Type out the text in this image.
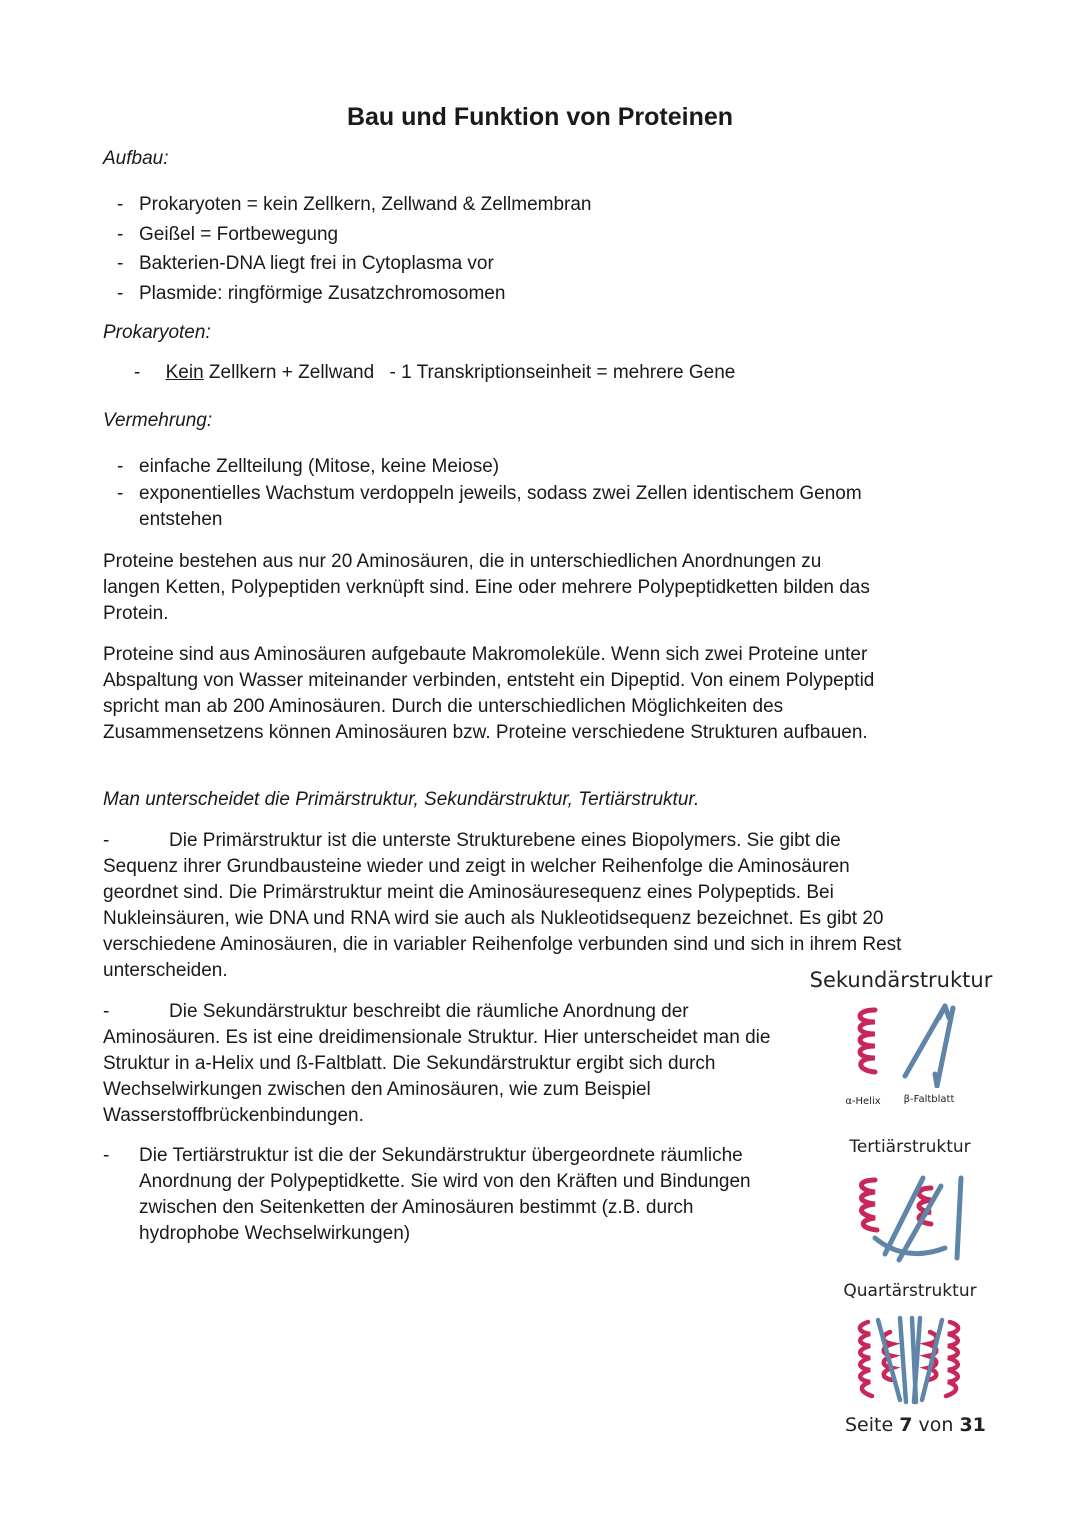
Bau und Funktion von Proteinen
Aufbau:
- Prokaryoten = kein Zellkern, Zellwand & Zellmembran
- Geißel = Fortbewegung
- Bakterien-DNA liegt frei in Cytoplasma vor
- Plasmide: ringförmige Zusatzchromosomen
Prokaryoten:
- Kein Zellkern + Zellwand - 1 Transkriptionseinheit = mehrere Gene
Vermehrung:
- einfache Zellteilung (Mitose, keine Meiose)
- exponentielles Wachstum verdoppeln jeweils, sodass zwei Zellen identischem Genom entstehen
Proteine bestehen aus nur 20 Aminosäuren, die in unterschiedlichen Anordnungen zu langen Ketten, Polypeptiden verknüpft sind. Eine oder mehrere Polypeptidketten bilden das Protein.
Proteine sind aus Aminosäuren aufgebaute Makromoleküle. Wenn sich zwei Proteine unter Abspaltung von Wasser miteinander verbinden, entsteht ein Dipeptid. Von einem Polypeptid spricht man ab 200 Aminosäuren. Durch die unterschiedlichen Möglichkeiten des Zusammensetzens können Aminosäuren bzw. Proteine verschiedene Strukturen aufbauen.
Man unterscheidet die Primärstruktur, Sekundärstruktur, Tertiärstruktur.
-	Die Primärstruktur ist die unterste Strukturebene eines Biopolymers. Sie gibt die Sequenz ihrer Grundbausteine wieder und zeigt in welcher Reihenfolge die Aminosäuren geordnet sind. Die Primärstruktur meint die Aminosäuresequenz eines Polypeptids. Bei Nukleinsäuren, wie DNA und RNA wird sie auch als Nukleotidsequenz bezeichnet. Es gibt 20 verschiedene Aminosäuren, die in variabler Reihenfolge verbunden sind und sich in ihrem Rest unterscheiden.
-	Die Sekundärstruktur beschreibt die räumliche Anordnung der Aminosäuren. Es ist eine dreidimensionale Struktur. Hier unterscheidet man die Struktur in a-Helix und ß-Faltblatt. Die Sekundärstruktur ergibt sich durch Wechselwirkungen zwischen den Aminosäuren, wie zum Beispiel Wasserstoffbrückenbindungen.
- Die Tertiärstruktur ist die der Sekundärstruktur übergeordnete räumliche Anordnung der Polypeptidkette. Sie wird von den Kräften und Bindungen zwischen den Seitenketten der Aminosäuren bestimmt (z.B. durch hydrophobe Wechselwirkungen)
Sekundärstruktur
α-Helix	β-Faltblatt
Tertiärstruktur
Quartärstruktur
Seite 7 von 31
